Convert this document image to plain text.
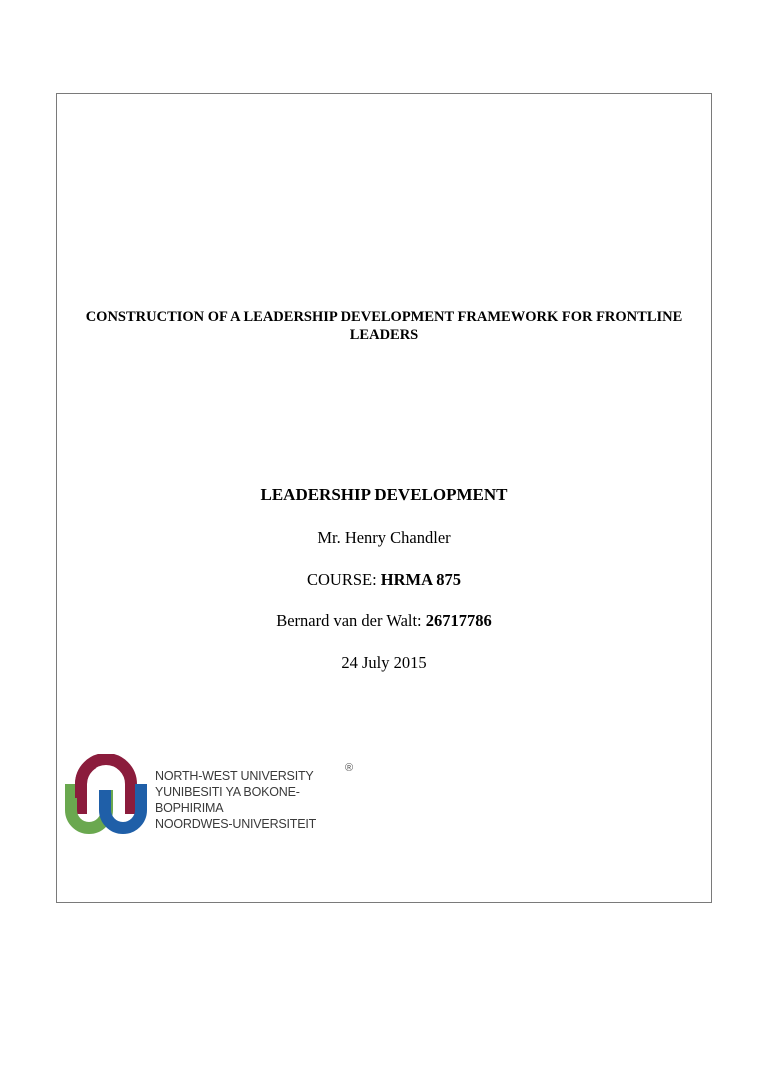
CONSTRUCTION OF A LEADERSHIP DEVELOPMENT FRAMEWORK FOR FRONTLINE
LEADERS
LEADERSHIP DEVELOPMENT
Mr. Henry Chandler
COURSE: HRMA 875
Bernard van der Walt: 26717786
24 July 2015
NORTH-WEST UNIVERSITY
YUNIBESITI YA BOKONE-BOPHIRIMA
NOORDWES-UNIVERSITEIT
®
